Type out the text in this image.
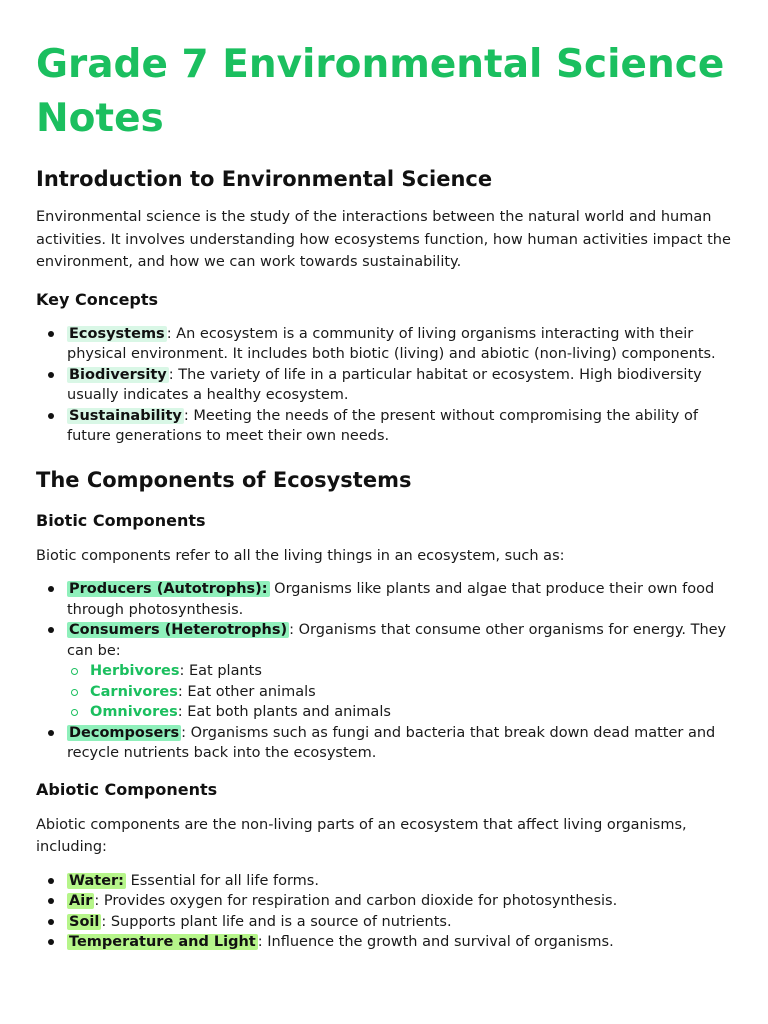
Grade 7 Environmental Science Notes
Introduction to Environmental Science

Environmental science is the study of the interactions between the natural world and human activities. It involves understanding how ecosystems function, how human activities impact the environment, and how we can work towards sustainability.

Key Concepts
Ecosystems : An ecosystem is a community of living organisms interacting with their physical environment. It includes both biotic (living) and abiotic (non-living) components.
Biodiversity : The variety of life in a particular habitat or ecosystem. High biodiversity usually indicates a healthy ecosystem.
Sustainability : Meeting the needs of the present without compromising the ability of future generations to meet their own needs.
The Components of Ecosystems
Biotic Components

Biotic components refer to all the living things in an ecosystem, such as:

Producers (Autotrophs): Organisms like plants and algae that produce their own food through photosynthesis.
Consumers (Heterotrophs) : Organisms that consume other organisms for energy. They can be:
Herbivores: Eat plants
Carnivores: Eat other animals
Omnivores: Eat both plants and animals
Decomposers : Organisms such as fungi and bacteria that break down dead matter and recycle nutrients back into the ecosystem.
Abiotic Components

Abiotic components are the non-living parts of an ecosystem that affect living organisms, including:

Water: Essential for all life forms.
Air : Provides oxygen for respiration and carbon dioxide for photosynthesis.
Soil : Supports plant life and is a source of nutrients.
Temperature and Light : Influence the growth and survival of organisms.
